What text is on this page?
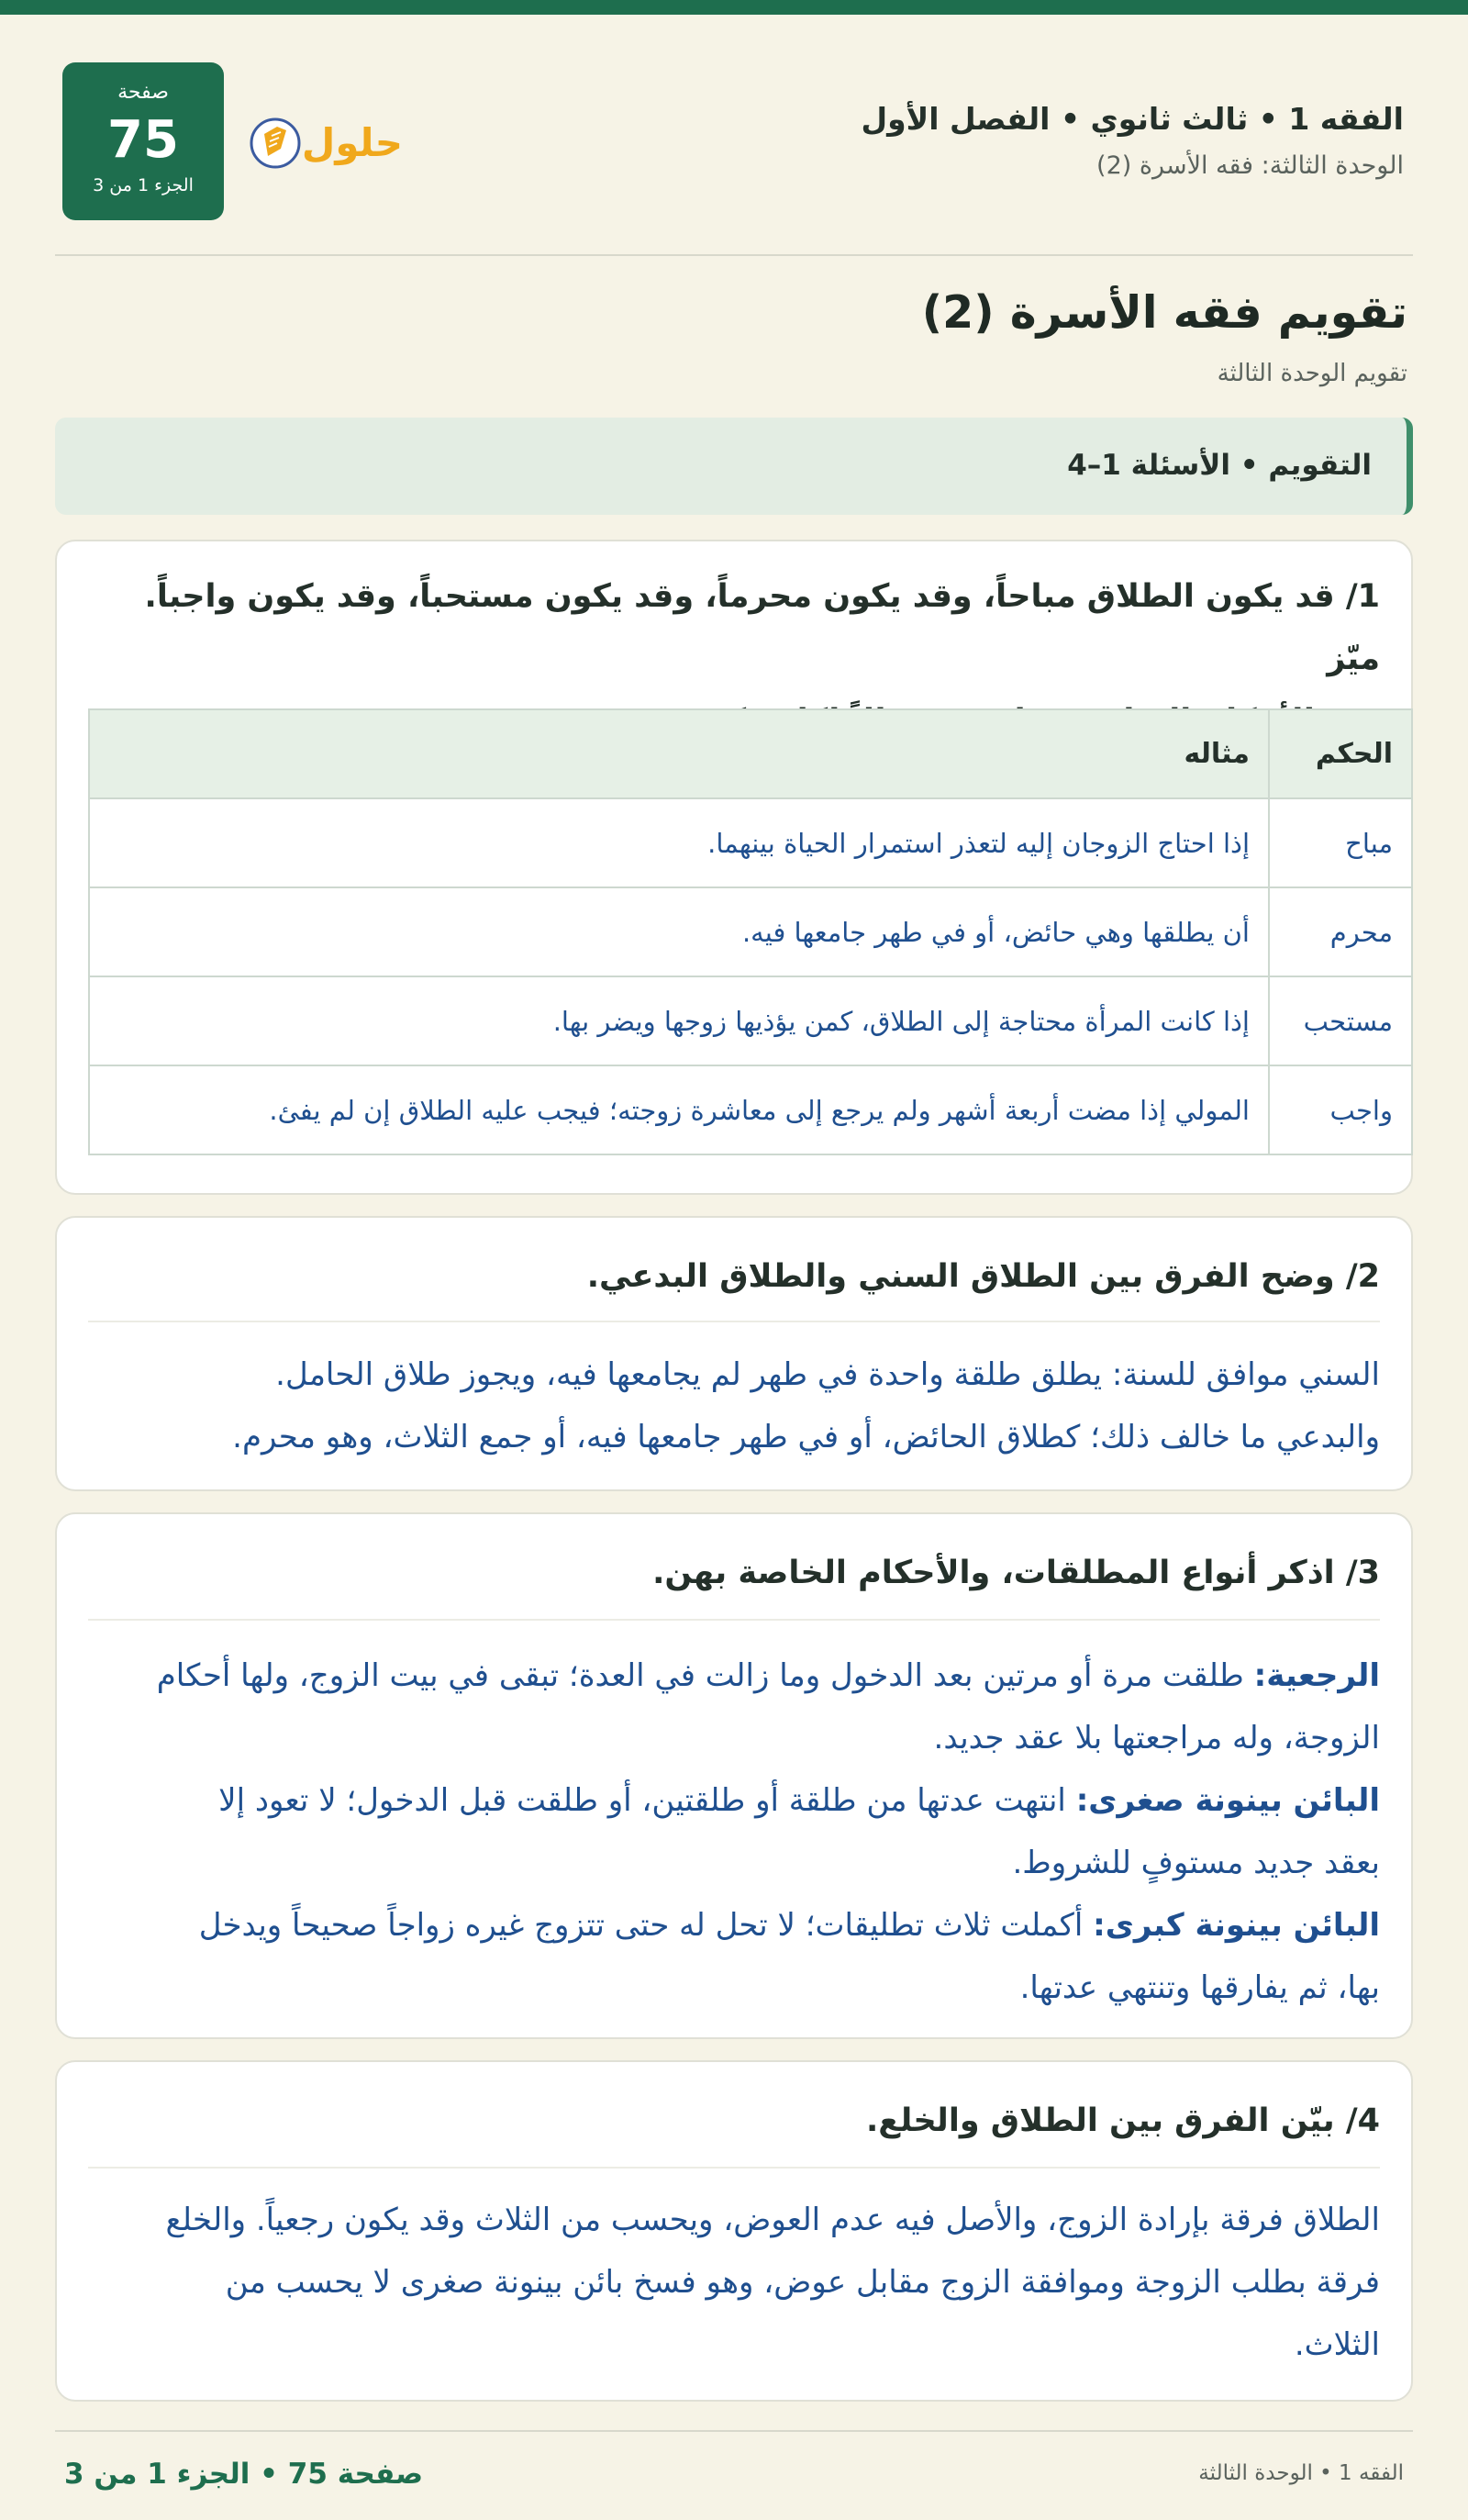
الفقه 1 • ثالث ثانوي • الفصل الأول
الوحدة الثالثة: فقه الأسرة (2)
حلول
صفحة
75
الجزء 1 من 3
تقويم فقه الأسرة (2)
تقويم الوحدة الثالثة
التقويم • الأسئلة 1–4
1/ قد يكون الطلاق مباحاً، وقد يكون محرماً، وقد يكون مستحباً، وقد يكون واجباً. ميّز
الحكم	مثاله
مباح	إذا احتاج الزوجان إليه لتعذر استمرار الحياة بينهما.
محرم	أن يطلقها وهي حائض، أو في طهر جامعها فيه.
مستحب	إذا كانت المرأة محتاجة إلى الطلاق، كمن يؤذيها زوجها ويضر بها.
واجب	المولي إذا مضت أربعة أشهر ولم يرجع إلى معاشرة زوجته؛ فيجب عليه الطلاق إن لم يفئ.
2/ وضح الفرق بين الطلاق السني والطلاق البدعي.
السني موافق للسنة: يطلق طلقة واحدة في طهر لم يجامعها فيه، ويجوز طلاق الحامل.
والبدعي ما خالف ذلك؛ كطلاق الحائض، أو في طهر جامعها فيه، أو جمع الثلاث، وهو محرم.
3/ اذكر أنواع المطلقات، والأحكام الخاصة بهن.
الرجعية: طلقت مرة أو مرتين بعد الدخول وما زالت في العدة؛ تبقى في بيت الزوج، ولها أحكام
الزوجة، وله مراجعتها بلا عقد جديد.
البائن بينونة صغرى: انتهت عدتها من طلقة أو طلقتين، أو طلقت قبل الدخول؛ لا تعود إلا
بعقد جديد مستوفٍ للشروط.
البائن بينونة كبرى: أكملت ثلاث تطليقات؛ لا تحل له حتى تتزوج غيره زواجاً صحيحاً ويدخل
بها، ثم يفارقها وتنتهي عدتها.
4/ بيّن الفرق بين الطلاق والخلع.
الطلاق فرقة بإرادة الزوج، والأصل فيه عدم العوض، ويحسب من الثلاث وقد يكون رجعياً. والخلع
فرقة بطلب الزوجة وموافقة الزوج مقابل عوض، وهو فسخ بائن بينونة صغرى لا يحسب من
الثلاث.
صفحة 75 • الجزء 1 من 3	الفقه 1 • الوحدة الثالثة
